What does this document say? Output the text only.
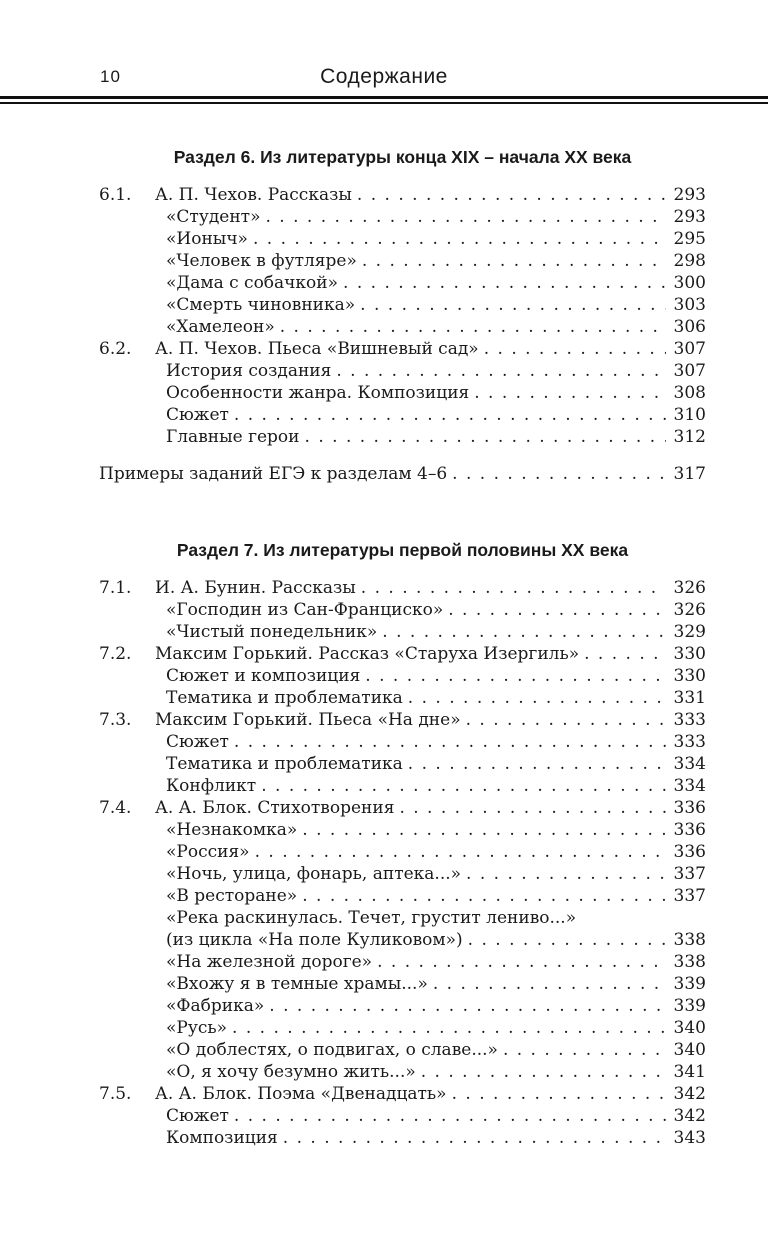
10	Содержание
Раздел 6. Из литературы конца XIX – начала XX века
6.1.	А. П. Чехов. Рассказы . . .	293
«Студент» . . .	293
«Ионыч» . . .	295
«Человек в футляре» . . .	298
«Дама с собачкой» . . .	300
«Смерть чиновника» . . .	303
«Хамелеон» . . .	306
6.2.	А. П. Чехов. Пьеса «Вишневый сад» . . .	307
История создания . . .	307
Особенности жанра. Композиция . . .	308
Сюжет . . .	310
Главные герои . . .	312
Примеры заданий ЕГЭ к разделам 4–6 . . .	317
Раздел 7. Из литературы первой половины XX века
7.1.	И. А. Бунин. Рассказы . . .	326
«Господин из Сан-Франциско» . . .	326
«Чистый понедельник» . . .	329
7.2.	Максим Горький. Рассказ «Старуха Изергиль» . . .	330
Сюжет и композиция . . .	330
Тематика и проблематика . . .	331
7.3.	Максим Горький. Пьеса «На дне» . . .	333
Сюжет . . .	333
Тематика и проблематика . . .	334
Конфликт . . .	334
7.4.	А. А. Блок. Стихотворения . . .	336
«Незнакомка» . . .	336
«Россия» . . .	336
«Ночь, улица, фонарь, аптека...» . . .	337
«В ресторане» . . .	337
«Река раскинулась. Течет, грустит лениво...»
(из цикла «На поле Куликовом») . . .	338
«На железной дороге» . . .	338
«Вхожу я в темные храмы...» . . .	339
«Фабрика» . . .	339
«Русь» . . .	340
«О доблестях, о подвигах, о славе...» . . .	340
«О, я хочу безумно жить...» . . .	341
7.5.	А. А. Блок. Поэма «Двенадцать» . . .	342
Сюжет . . .	342
Композиция . . .	343
